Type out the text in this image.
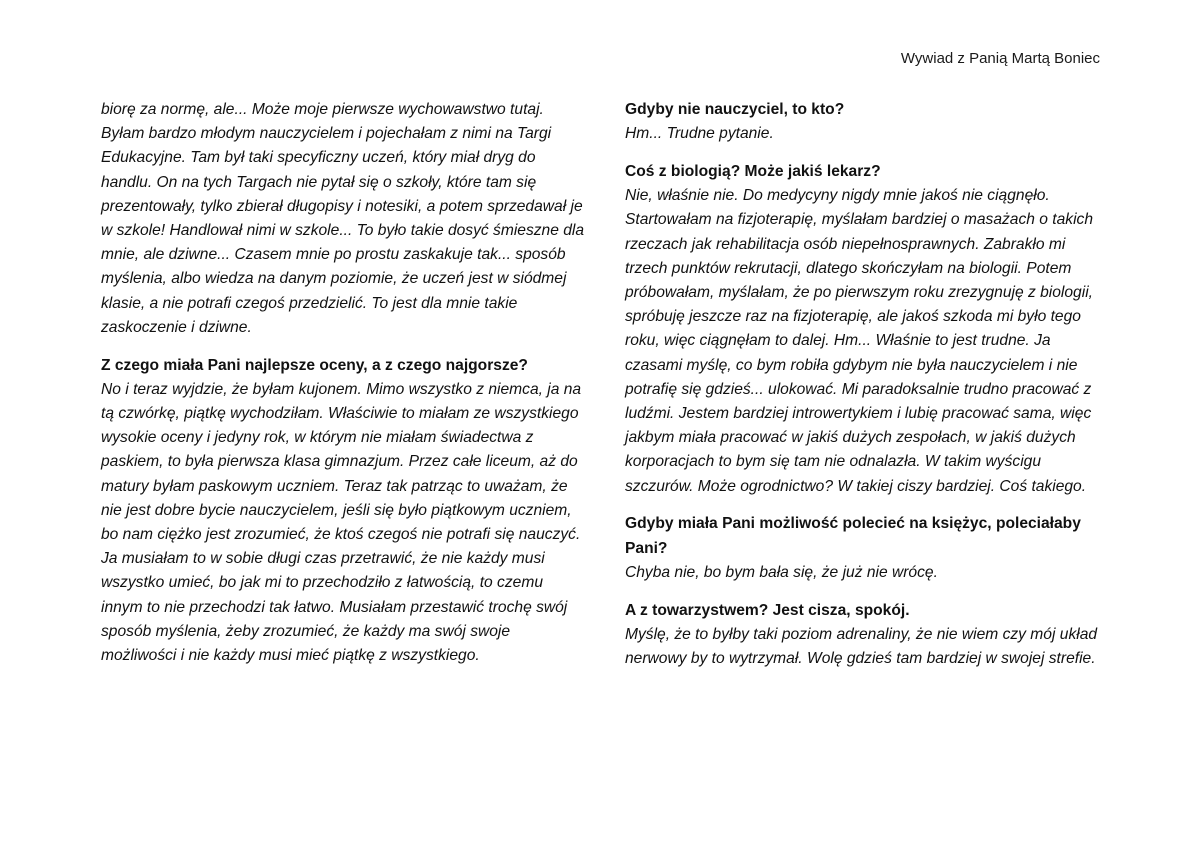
Wywiad z Panią Martą Boniec
biorę za normę, ale... Może moje pierwsze wychowawstwo tutaj. Byłam bardzo młodym nauczycielem i pojechałam z nimi na Targi Edukacyjne. Tam był taki specyficzny uczeń, który miał dryg do handlu. On na tych Targach nie pytał się o szkoły, które tam się prezentowały, tylko zbierał długopisy i notesiki, a potem sprzedawał je w szkole! Handlował nimi w szkole... To było takie dosyć śmieszne dla mnie, ale dziwne... Czasem mnie po prostu zaskakuje tak... sposób myślenia, albo wiedza na danym poziomie, że uczeń jest w siódmej klasie, a nie potrafi czegoś przedzielić. To jest dla mnie takie zaskoczenie i dziwne.
Z czego miała Pani najlepsze oceny, a z czego najgorsze?
No i teraz wyjdzie, że byłam kujonem. Mimo wszystko z niemca, ja na tą czwórkę, piątkę wychodziłam. Właściwie to miałam ze wszystkiego wysokie oceny i jedyny rok, w którym nie miałam świadectwa z paskiem, to była pierwsza klasa gimnazjum. Przez całe liceum, aż do matury byłam paskowym uczniem. Teraz tak patrząc to uważam, że nie jest dobre bycie nauczycielem, jeśli się było piątkowym uczniem, bo nam ciężko jest zrozumieć, że ktoś czegoś nie potrafi się nauczyć. Ja musiałam to w sobie długi czas przetrawić, że nie każdy musi wszystko umieć, bo jak mi to przechodziło z łatwością, to czemu innym to nie przechodzi tak łatwo. Musiałam przestawić trochę swój sposób myślenia, żeby zrozumieć, że każdy ma swój swoje możliwości i nie każdy musi mieć piątkę z wszystkiego.
Gdyby nie nauczyciel, to kto?
Hm... Trudne pytanie.
Coś z biologią? Może jakiś lekarz?
Nie, właśnie nie. Do medycyny nigdy mnie jakoś nie ciągnęło. Startowałam na fizjoterapię, myślałam bardziej o masażach o takich rzeczach jak rehabilitacja osób niepełnosprawnych. Zabrakło mi trzech punktów rekrutacji, dlatego skończyłam na biologii. Potem próbowałam, myślałam, że po pierwszym roku zrezygnuję z biologii, spróbuję jeszcze raz na fizjoterapię, ale jakoś szkoda mi było tego roku, więc ciągnęłam to dalej. Hm... Właśnie to jest trudne. Ja czasami myślę, co bym robiła gdybym nie była nauczycielem i nie potrafię się gdzieś... ulokować. Mi paradoksalnie trudno pracować z ludźmi. Jestem bardziej introwertykiem i lubię pracować sama, więc jakbym miała pracować w jakiś dużych zespołach, w jakiś dużych korporacjach to bym się tam nie odnalazła. W takim wyścigu szczurów. Może ogrodnictwo? W takiej ciszy bardziej. Coś takiego.
Gdyby miała Pani możliwość polecieć na księżyc, poleciałaby Pani?
Chyba nie, bo bym bała się, że już nie wrócę.
A z towarzystwem? Jest cisza, spokój.
Myślę, że to byłby taki poziom adrenaliny, że nie wiem czy mój układ nerwowy by to wytrzymał. Wolę gdzieś tam bardziej w swojej strefie.
